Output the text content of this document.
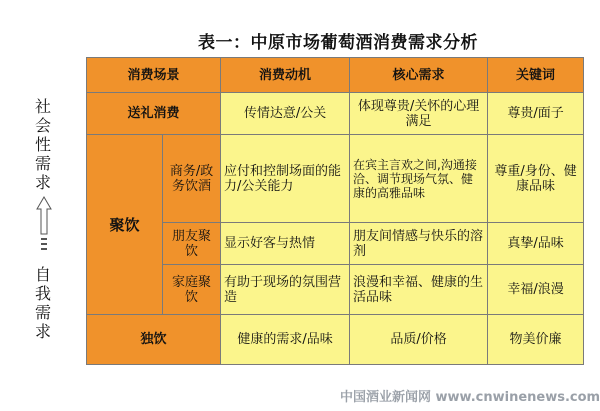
表一：中原市场葡萄酒消费需求分析
社会性需求
自我需求
消费场景		消费动机	核心需求	关键词
送礼消费		传情达意/公关	体现尊贵/关怀的心理满足	尊贵/面子
聚饮	商务/政务饮酒	应付和控制场面的能力/公关能力	在宾主言欢之间,沟通接洽、调节现场气氛、健康的高雅品味	尊重/身份、健康品味
	朋友聚饮	显示好客与热情	朋友间情感与快乐的溶剂	真挚/品味
	家庭聚饮	有助于现场的氛围营造	浪漫和幸福、健康的生活品味	幸福/浪漫
独饮		健康的需求/品味	品质/价格	物美价廉
中国酒业新闻网 www.cnwinenews.com
